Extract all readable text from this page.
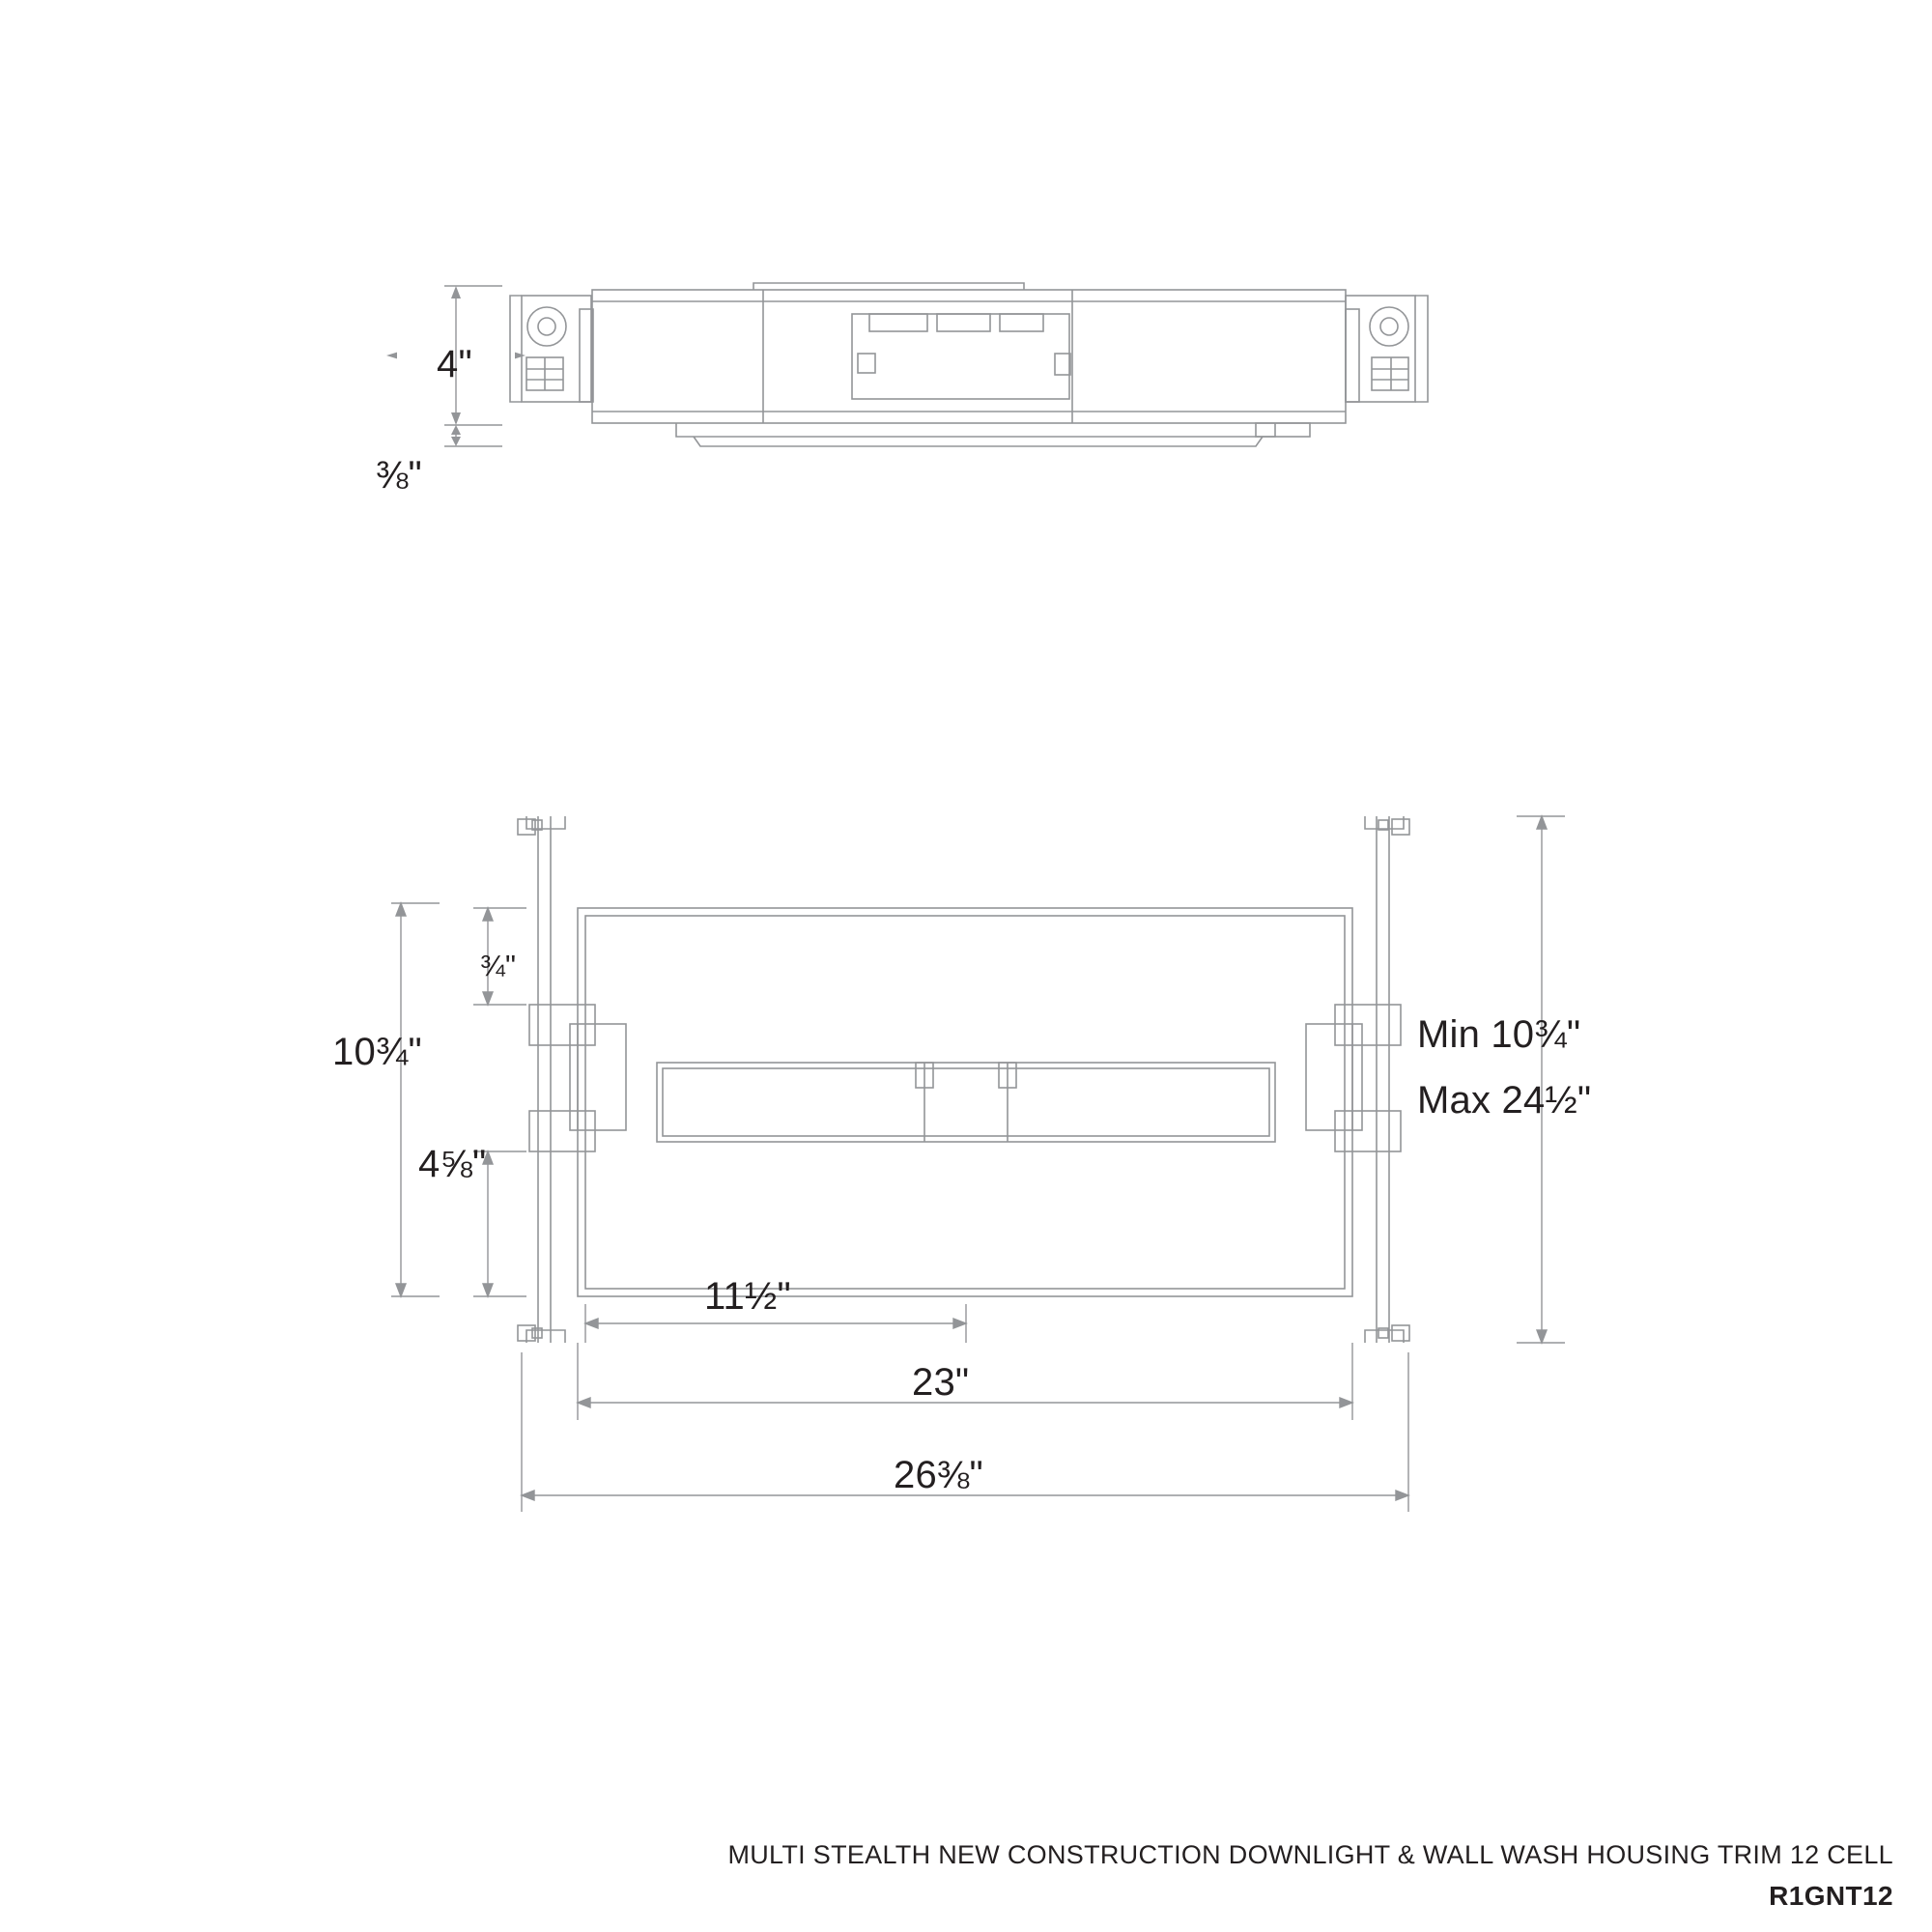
4"
⅜"
¾"
10¾"
4⅝"
11½"
23"
26⅜"
Min 10¾"
Max 24½"
MULTI STEALTH NEW CONSTRUCTION DOWNLIGHT & WALL WASH HOUSING TRIM 12 CELL
R1GNT12
